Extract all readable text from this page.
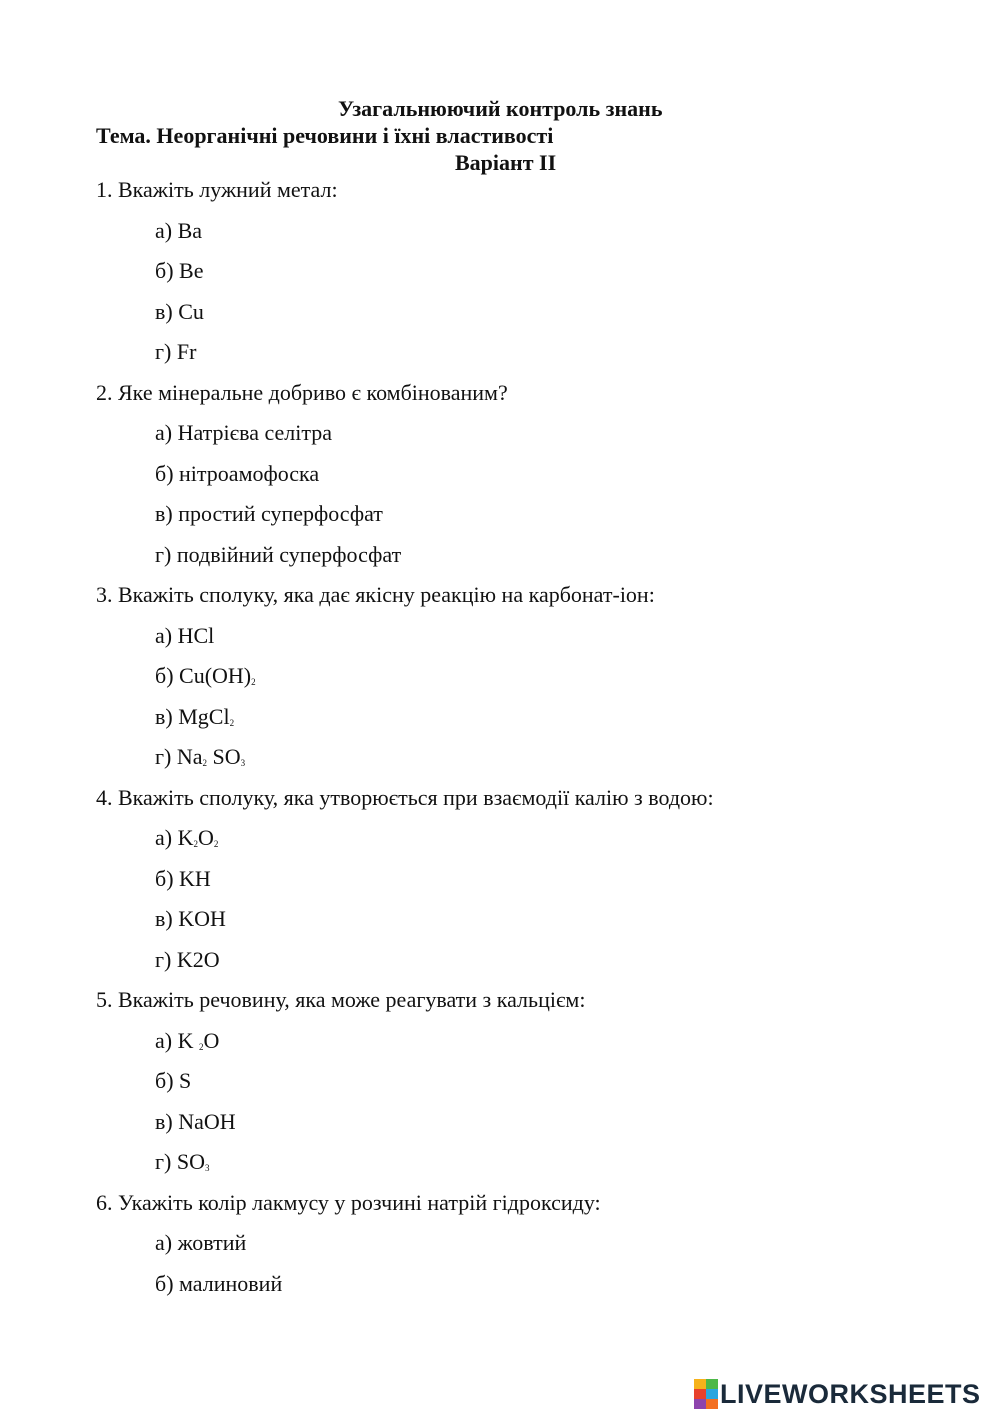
Узагальнюючий контроль знань
Тема. Неорганічні речовини і їхні властивості
Варіант II
1. Вкажіть лужний метал:
а) Ba
б) Be
в) Cu
г) Fr
2. Яке мінеральне добриво є комбінованим?
а) Натрієва селітра
б) нітроамофоска
в) простий суперфосфат
г) подвійний суперфосфат
3. Вкажіть сполуку, яка дає якісну реакцію на карбонат-іон:
а) HCl
б) $Cu(OH)_2$
в) MgCl$_2$
г) $Na_2$ $SO_3$
4. Вкажіть сполуку, яка утворюється при взаємодії калію з водою:
а) $K_2O_2$
б) KH
в) KOH
г) K2O
5. Вкажіть речовину, яка може реагувати з кальцієм:
а) K $_2$O
б) S
в) NaOH
г) $SO_3$
6. Укажіть колір лакмусу у розчині натрій гідроксиду:
а) жовтий
б) малиновий
LIVEWORKSHEETS
